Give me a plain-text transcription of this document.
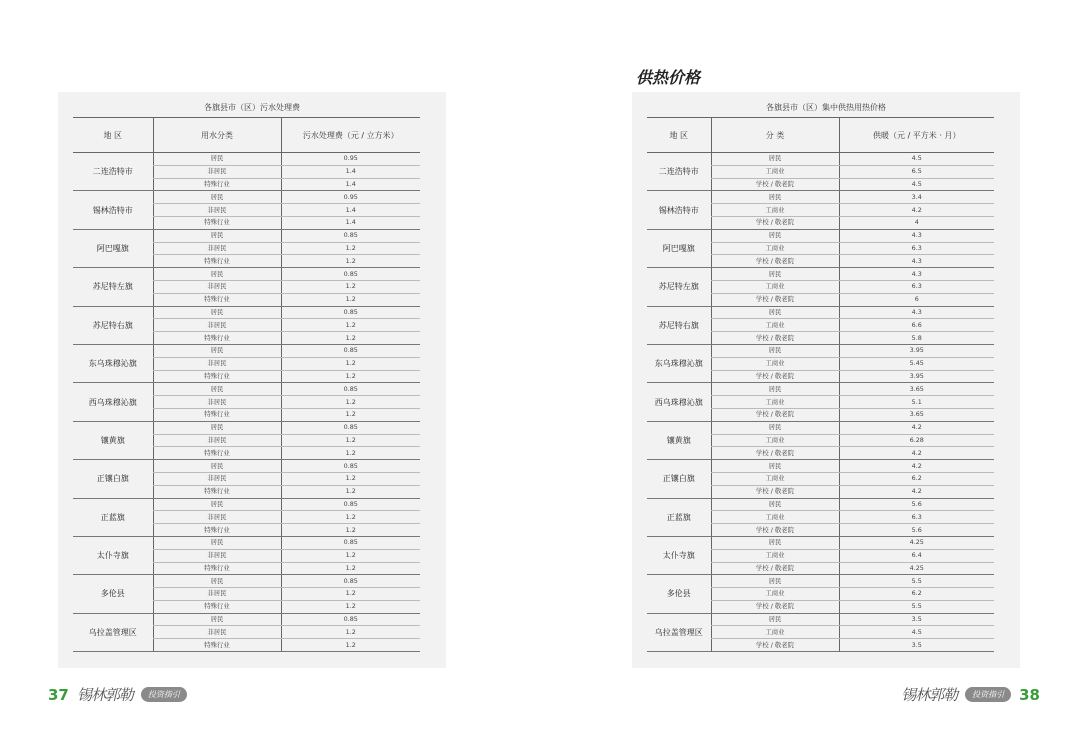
各旗县市（区）污水处理费
地 区	用水分类	污水处理费（元 / 立方米）
二连浩特市	居民	0.95
	非居民	1.4
	特殊行业	1.4
锡林浩特市	居民	0.95
	非居民	1.4
	特殊行业	1.4
阿巴嘎旗	居民	0.85
	非居民	1.2
	特殊行业	1.2
苏尼特左旗	居民	0.85
	非居民	1.2
	特殊行业	1.2
苏尼特右旗	居民	0.85
	非居民	1.2
	特殊行业	1.2
东乌珠穆沁旗	居民	0.85
	非居民	1.2
	特殊行业	1.2
西乌珠穆沁旗	居民	0.85
	非居民	1.2
	特殊行业	1.2
镶黄旗	居民	0.85
	非居民	1.2
	特殊行业	1.2
正镶白旗	居民	0.85
	非居民	1.2
	特殊行业	1.2
正蓝旗	居民	0.85
	非居民	1.2
	特殊行业	1.2
太仆寺旗	居民	0.85
	非居民	1.2
	特殊行业	1.2
多伦县	居民	0.85
	非居民	1.2
	特殊行业	1.2
乌拉盖管理区	居民	0.85
	非居民	1.2
	特殊行业	1.2
37 锡林郭勒	投资指引
供热价格
各旗县市（区）集中供热用热价格
地 区	分 类	供暖（元 / 平方米 · 月）
二连浩特市	居民	4.5
	工商业	6.5
	学校 / 敬老院	4.5
锡林浩特市	居民	3.4
	工商业	4.2
	学校 / 敬老院	4
阿巴嘎旗	居民	4.3
	工商业	6.3
	学校 / 敬老院	4.3
苏尼特左旗	居民	4.3
	工商业	6.3
	学校 / 敬老院	6
苏尼特右旗	居民	4.3
	工商业	6.6
	学校 / 敬老院	5.8
东乌珠穆沁旗	居民	3.95
	工商业	5.45
	学校 / 敬老院	3.95
西乌珠穆沁旗	居民	3.65
	工商业	5.1
	学校 / 敬老院	3.65
镶黄旗	居民	4.2
	工商业	6.28
	学校 / 敬老院	4.2
正镶白旗	居民	4.2
	工商业	6.2
	学校 / 敬老院	4.2
正蓝旗	居民	5.6
	工商业	6.3
	学校 / 敬老院	5.6
太仆寺旗	居民	4.25
	工商业	6.4
	学校 / 敬老院	4.25
多伦县	居民	5.5
	工商业	6.2
	学校 / 敬老院	5.5
乌拉盖管理区	居民	3.5
	工商业	4.5
	学校 / 敬老院	3.5
锡林郭勒	投资指引	38
